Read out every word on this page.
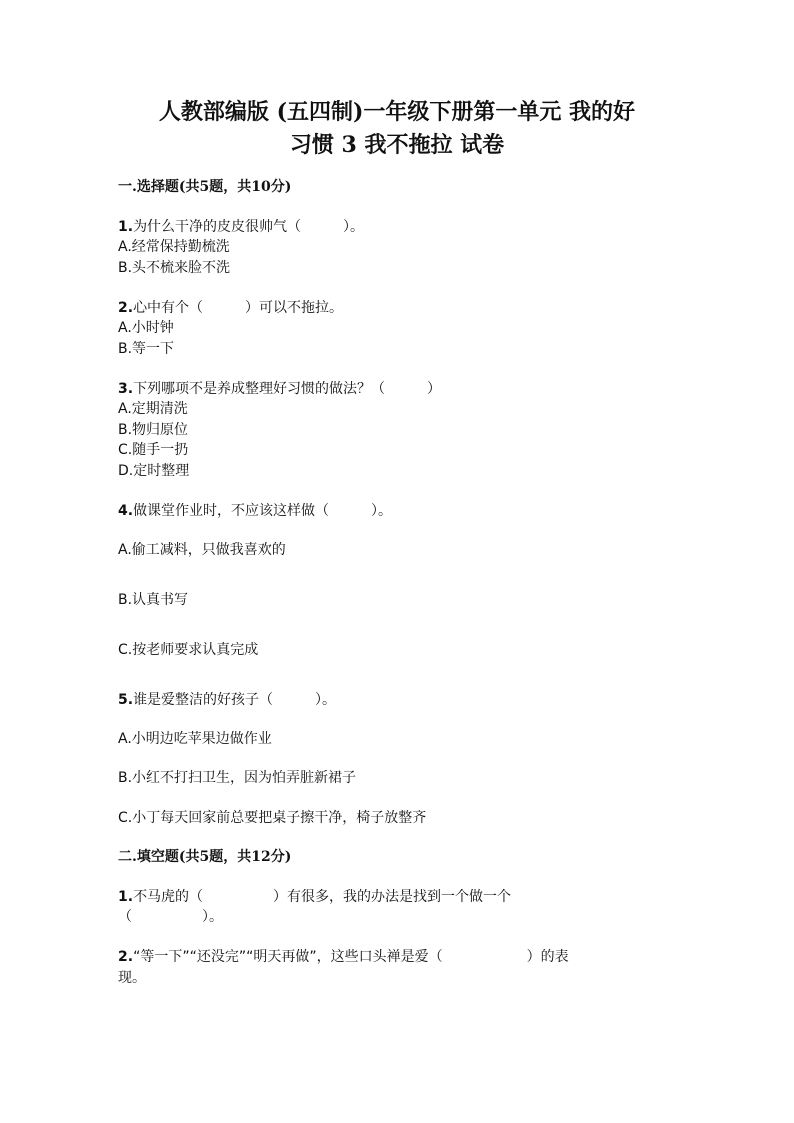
人教部编版 (五四制)一年级下册第一单元 我的好
习惯 3 我不拖拉 试卷
一.选择题(共5题，共10分)
1.为什么干净的皮皮很帅气（　　　）。
A.经常保持勤梳洗
B.头不梳来脸不洗
2.心中有个（　　　）可以不拖拉。
A.小时钟
B.等一下
3.下列哪项不是养成整理好习惯的做法？（　　　）
A.定期清洗
B.物归原位
C.随手一扔
D.定时整理
4.做课堂作业时，不应该这样做（　　　）。
A.偷工减料，只做我喜欢的
B.认真书写
C.按老师要求认真完成
5.谁是爱整洁的好孩子（　　　）。
A.小明边吃苹果边做作业
B.小红不打扫卫生，因为怕弄脏新裙子
C.小丁每天回家前总要把桌子擦干净，椅子放整齐
二.填空题(共5题，共12分)
1.不马虎的（　　　　　）有很多，我的办法是找到一个做一个
（　　　　　）。
2.“等一下”“还没完”“明天再做”，这些口头禅是爱（　　　　　　）的表
现。
